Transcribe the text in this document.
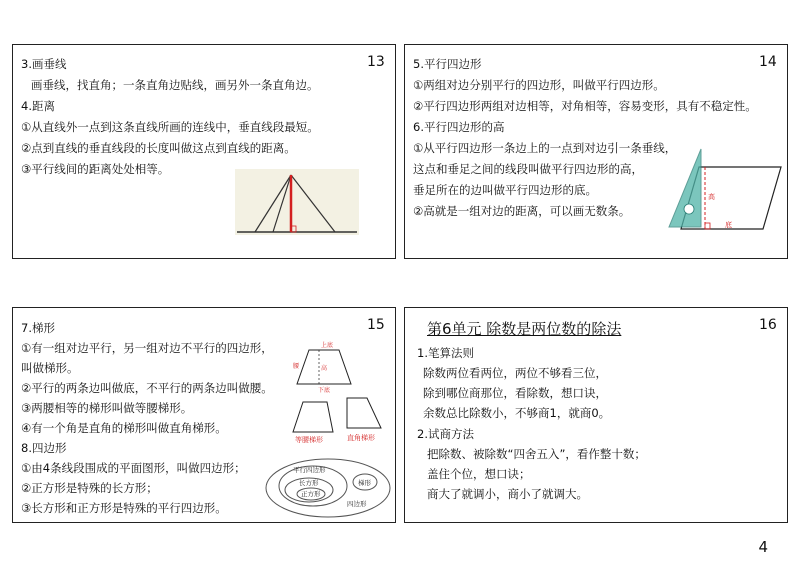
13
3.画垂线
画垂线，找直角；一条直角边贴线，画另外一条直角边。
4.距离
①从直线外一点到这条直线所画的连线中，垂直线段最短。
②点到直线的垂直线段的长度叫做这点到直线的距离。
③平行线间的距离处处相等。
14
5.平行四边形
①两组对边分别平行的四边形，叫做平行四边形。
②平行四边形两组对边相等，对角相等，容易变形，具有不稳定性。
6.平行四边形的高
①从平行四边形一条边上的一点到对边引一条垂线，
这点和垂足之间的线段叫做平行四边形的高，
垂足所在的边叫做平行四边形的底。
②高就是一组对边的距离，可以画无数条。
高
底
15
7.梯形
①有一组对边平行，另一组对边不平行的四边形，
叫做梯形。
②平行的两条边叫做底，不平行的两条边叫做腰。
③两腰相等的梯形叫做等腰梯形。
④有一个角是直角的梯形叫做直角梯形。
8.四边形
①由4条线段围成的平面图形，叫做四边形；
②正方形是特殊的长方形；
③长方形和正方形是特殊的平行四边形。
上底
下底
高
腰
等腰梯形	直角梯形
平行四边形
长方形
正方形
梯形
四边形
16
第6单元 除数是两位数的除法
1.笔算法则
除数两位看两位，两位不够看三位，
除到哪位商那位，看除数，想口诀，
余数总比除数小，不够商1，就商0。
2.试商方法
把除数、被除数“四舍五入”，看作整十数；
盖住个位，想口诀；
商大了就调小，商小了就调大。
4
